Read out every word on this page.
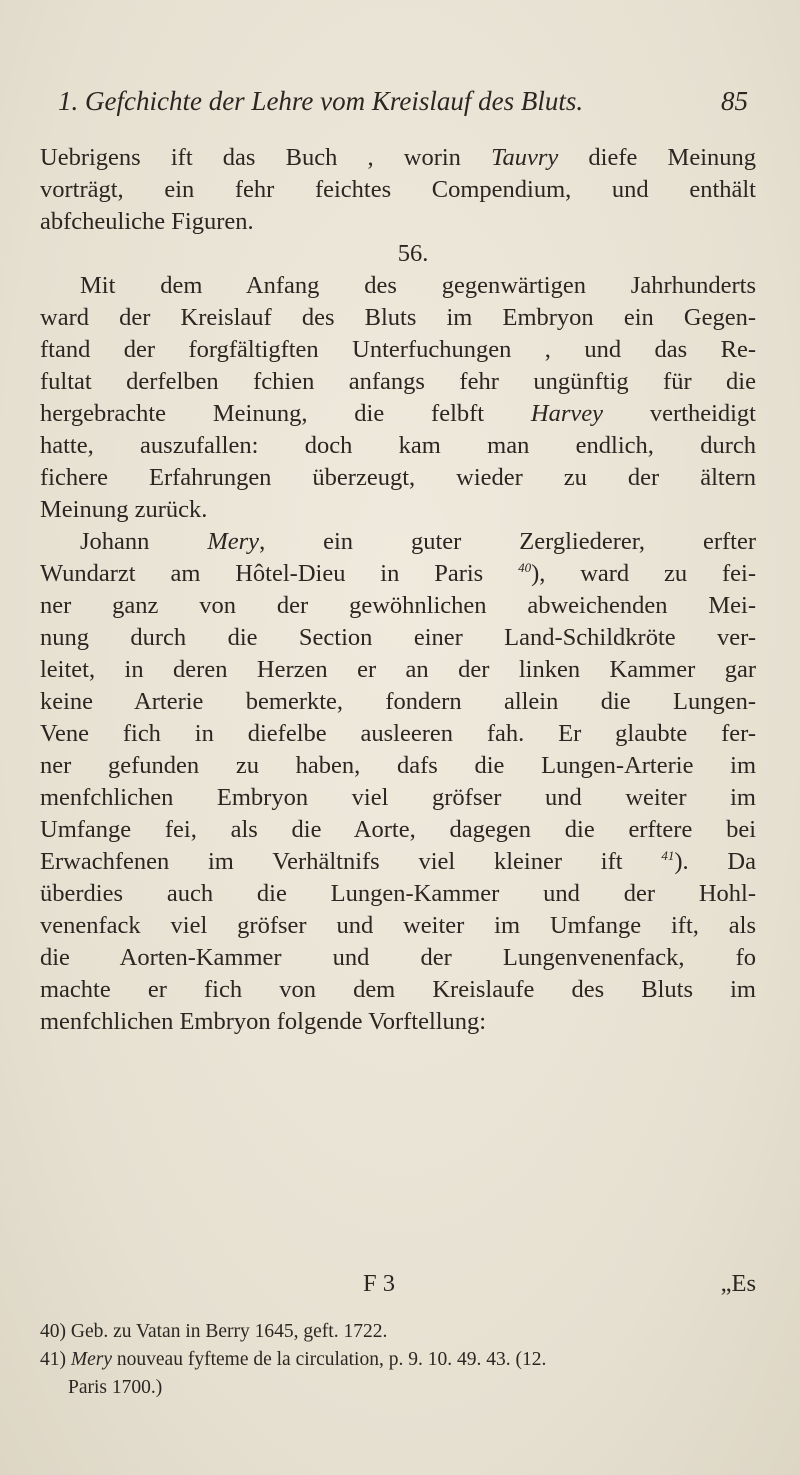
1. Gefchichte der Lehre vom Kreislauf des Bluts.	85
Uebrigens ift das Buch , worin Tauvry diefe Meinung
vorträgt, ein fehr feichtes Compendium, und enthält
abfcheuliche Figuren.
56.
Mit dem Anfang des gegenwärtigen Jahrhunderts
ward der Kreislauf des Bluts im Embryon ein Gegen-
ftand der forgfältigften Unterfuchungen , und das Re-
fultat derfelben fchien anfangs fehr ungünftig für die
hergebrachte Meinung, die felbft Harvey vertheidigt
hatte, auszufallen: doch kam man endlich, durch
fichere Erfahrungen überzeugt, wieder zu der ältern
Meinung zurück.
Johann Mery, ein guter Zergliederer, erfter
Wundarzt am Hôtel-Dieu in Paris $^{40}$), ward zu fei-
ner ganz von der gewöhnlichen abweichenden Mei-
nung durch die Section einer Land-Schildkröte ver-
leitet, in deren Herzen er an der linken Kammer gar
keine Arterie bemerkte, fondern allein die Lungen-
Vene fich in diefelbe ausleeren fah. Er glaubte fer-
ner gefunden zu haben, dafs die Lungen-Arterie im
menfchlichen Embryon viel gröfser und weiter im
Umfange fei, als die Aorte, dagegen die erftere bei
Erwachfenen im Verhältnifs viel kleiner ift $^{41}$). Da
überdies auch die Lungen-Kammer und der Hohl-
venenfack viel gröfser und weiter im Umfange ift, als
die Aorten-Kammer und der Lungenvenenfack, fo
machte er fich von dem Kreislaufe des Bluts im
menfchlichen Embryon folgende Vorftellung:
F 3	„Es
40) Geb. zu Vatan in Berry 1645, geft. 1722.
41) Mery nouveau fyfteme de la circulation, p. 9. 10. 49. 43. (12.
Paris 1700.)
